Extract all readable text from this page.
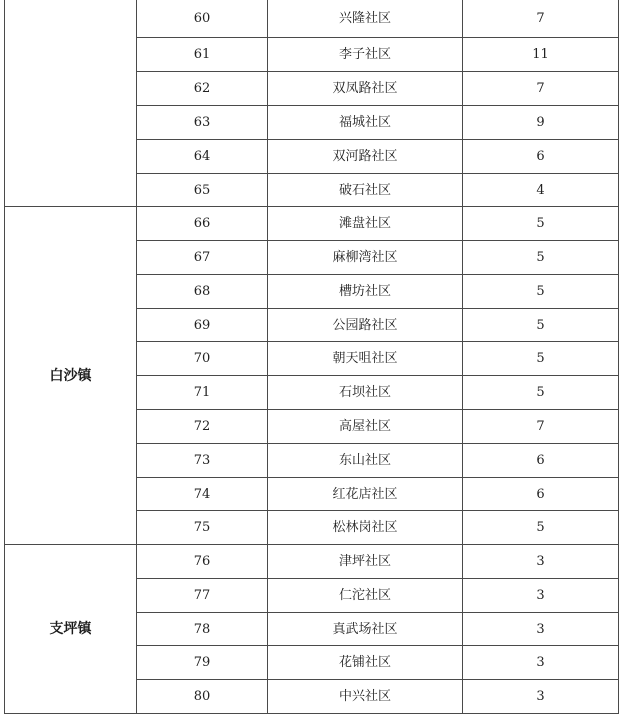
	60	兴隆社区	7
	61	李子社区	11
	62	双凤路社区	7
	63	福城社区	9
	64	双河路社区	6
	65	破石社区	4
白沙镇	66	滩盘社区	5
	67	麻柳湾社区	5
	68	槽坊社区	5
	69	公园路社区	5
	70	朝天咀社区	5
	71	石坝社区	5
	72	高屋社区	7
	73	东山社区	6
	74	红花店社区	6
	75	松林岗社区	5
支坪镇	76	津坪社区	3
	77	仁沱社区	3
	78	真武场社区	3
	79	花铺社区	3
	80	中兴社区	3
